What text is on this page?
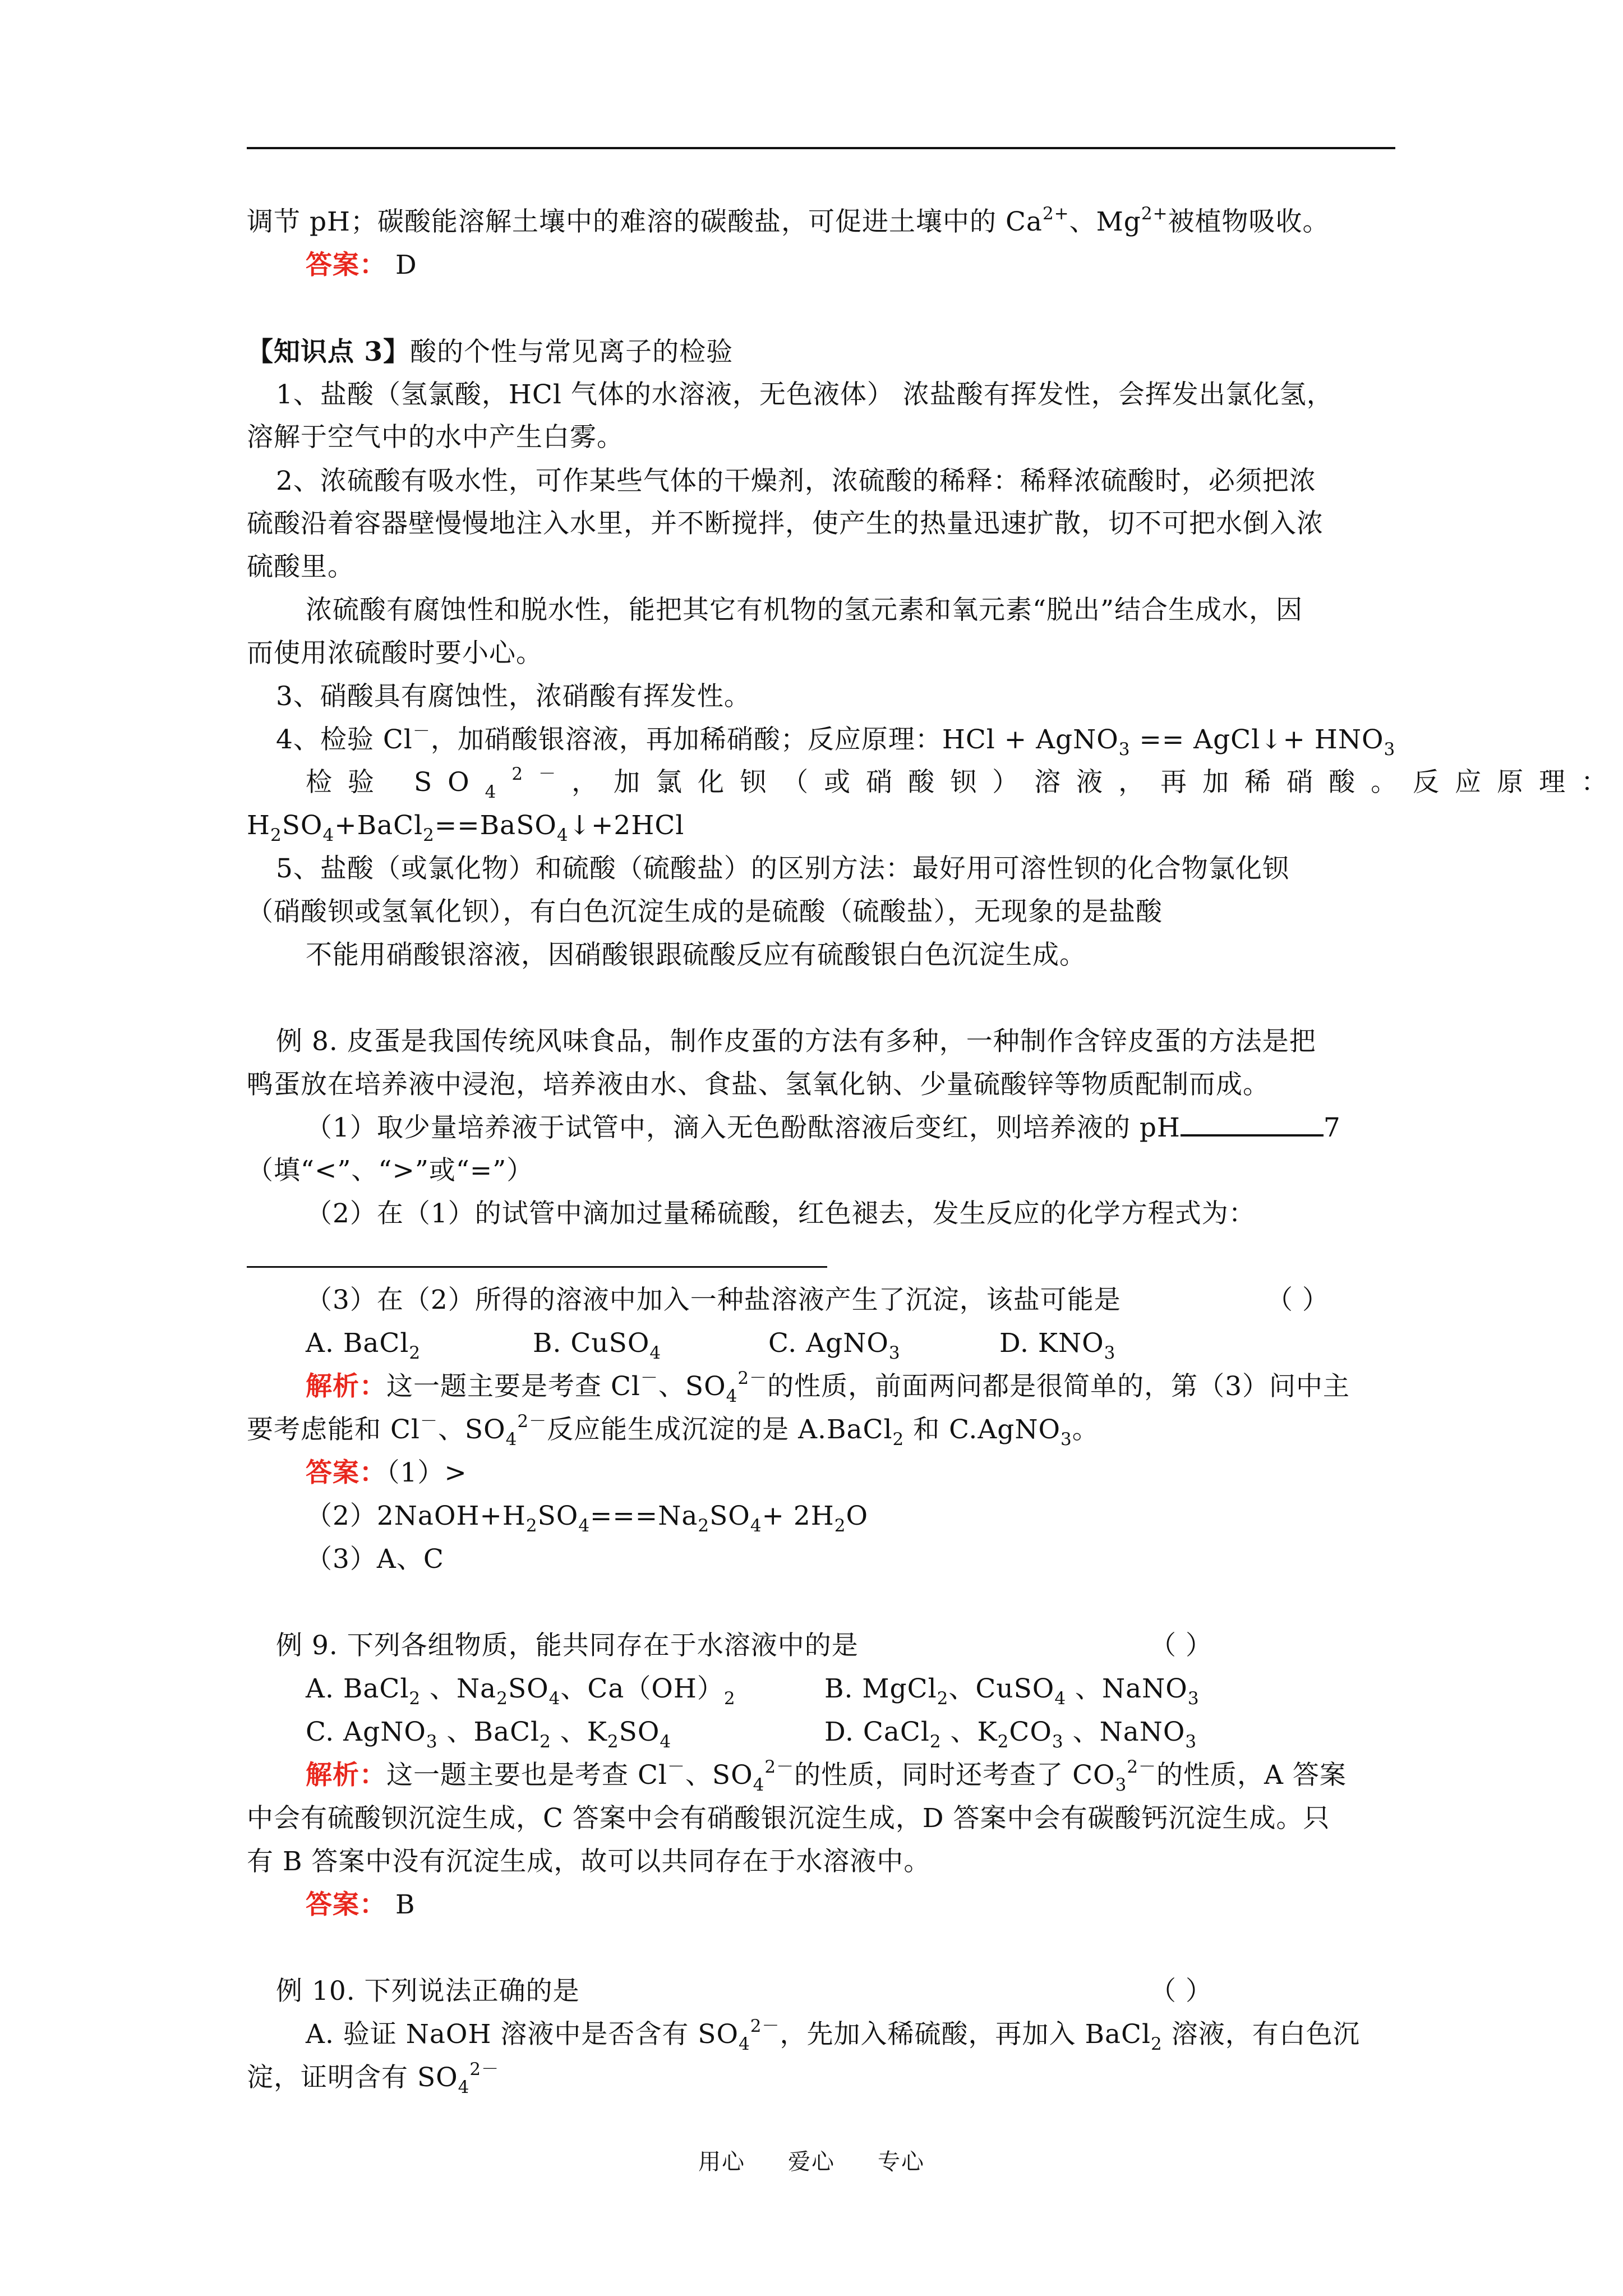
调节 pH；碳酸能溶解土壤中的难溶的碳酸盐，可促进土壤中的 $Ca^{2+}$、$Mg^{2+}$被植物吸收。

答案： D

【知识点 3】酸的个性与常见离子的检验

1、盐酸（氢氯酸，HCl 气体的水溶液，无色液体） 浓盐酸有挥发性，会挥发出氯化氢，

溶解于空气中的水中产生白雾。

2、浓硫酸有吸水性，可作某些气体的干燥剂，浓硫酸的稀释：稀释浓硫酸时，必须把浓

硫酸沿着容器壁慢慢地注入水里，并不断搅拌，使产生的热量迅速扩散，切不可把水倒入浓

硫酸里。

浓硫酸有腐蚀性和脱水性，能把其它有机物的氢元素和氧元素“脱出”结合生成水，因

而使用浓硫酸时要小心。

3、硝酸具有腐蚀性，浓硝酸有挥发性。

4、检验 Cl－，加硝酸银溶液，再加稀硝酸；反应原理：HCl + AgNO$_3$ == AgCl↓+ $HNO_3$

检验 $SO_4^{2-}$，加氯化钡（或硝酸钡）溶液，再加稀硝酸。反应原理：

$H_2SO_4+BaCl_2==BaSO_4↓+2HCl$

5、盐酸（或氯化物）和硫酸（硫酸盐）的区别方法：最好用可溶性钡的化合物氯化钡

（硝酸钡或氢氧化钡），有白色沉淀生成的是硫酸（硫酸盐），无现象的是盐酸

不能用硝酸银溶液，因硝酸银跟硫酸反应有硫酸银白色沉淀生成。

例 8. 皮蛋是我国传统风味食品，制作皮蛋的方法有多种，一种制作含锌皮蛋的方法是把

鸭蛋放在培养液中浸泡，培养液由水、食盐、氢氧化钠、少量硫酸锌等物质配制而成。

（1）取少量培养液于试管中，滴入无色酚酞溶液后变红，则培养液的 pH	7

（填“<”、“>”或“=”）

（2）在（1）的试管中滴加过量稀硫酸，红色褪去，发生反应的化学方程式为：

（3）在（2）所得的溶液中加入一种盐溶液产生了沉淀，该盐可能是	（ ）

A. BaCl$_2$	B. CuSO$_4$	C. AgNO$_3$	D. $KNO_3$

解析：这一题主要是考查 Cl－、$SO_4^{2-}$的性质，前面两问都是很简单的，第（3）问中主

要考虑能和 Cl－、$SO_4^{2-}$反应能生成沉淀的是 A.BaCl$_2$ 和 C.AgNO$_3$。

答案：（1）>

$(2)2NaOH+H_2SO_4===Na_2SO_4+ 2H_2O$

（3）A、C

例 9. 下列各组物质，能共同存在于水溶液中的是	（ ）

A. BaCl$_2$ 、$Na_2SO_4$、$Ca(OH)_2$	B. MgCl$_2$、CuSO$_4$ 、NaNO$_3$

C. AgNO$_3$ 、BaCl$_2$ 、$K_2SO_4$	D. CaCl$_2$ 、$K_2CO_3$ 、NaNO$_3$

解析：这一题主要也是考查 Cl－、$SO_4^{2-}$的性质，同时还考查了 $CO_3^{2-}$的性质，A 答案

中会有硫酸钡沉淀生成，C 答案中会有硝酸银沉淀生成，D 答案中会有碳酸钙沉淀生成。只

有 B 答案中没有沉淀生成，故可以共同存在于水溶液中。

答案： B

例 10. 下列说法正确的是	（ ）

A. 验证 NaOH 溶液中是否含有 $SO_4^{2-}$，先加入稀硫酸，再加入 BaCl$_2$ 溶液，有白色沉

淀，证明含有 $SO_4^{2-}$

用心 爱心 专心
